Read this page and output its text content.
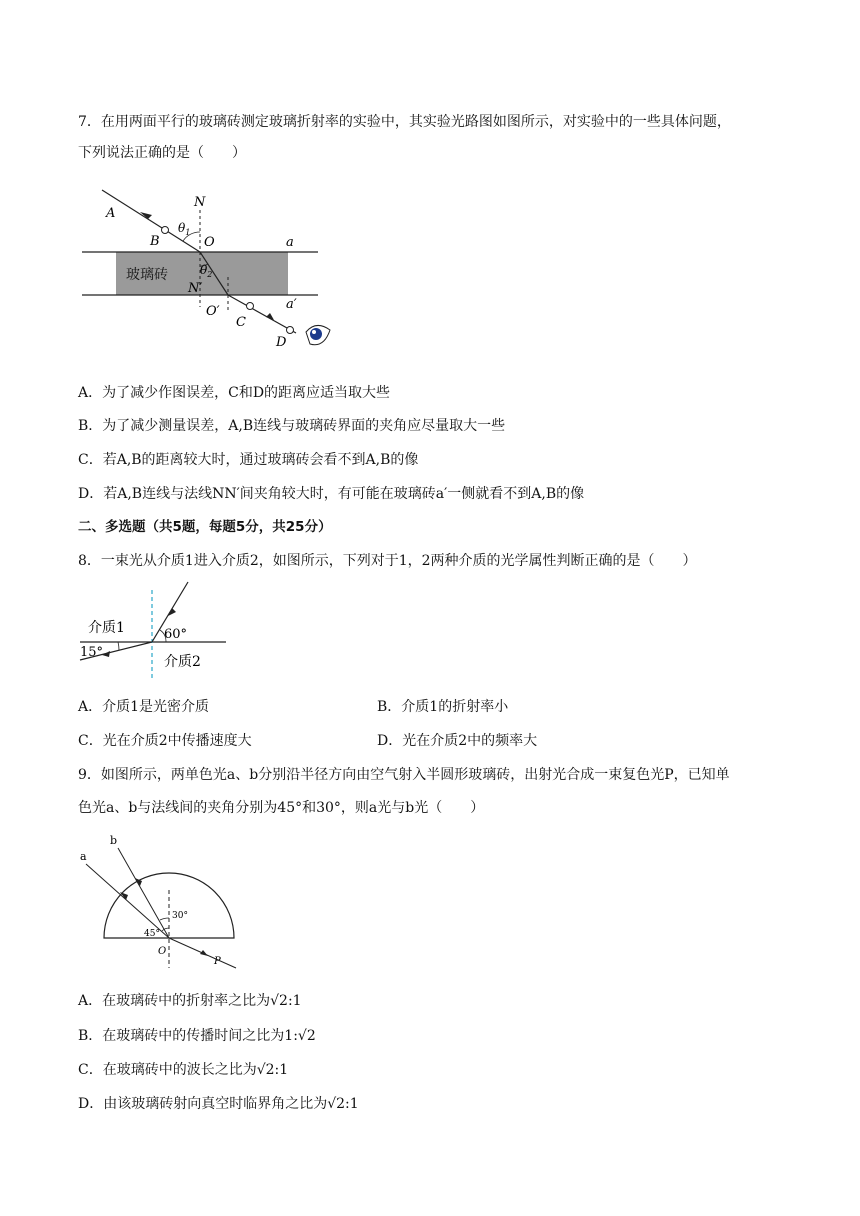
7．在用两面平行的玻璃砖测定玻璃折射率的实验中，其实验光路图如图所示，对实验中的一些具体问题，
下列说法正确的是（　　）
A
B
N
O	a
$\theta_1$
$\theta_2$
N′
O′
C
a′
D
玻璃砖
A．为了减少作图误差，C和D的距离应适当取大些
B．为了减少测量误差，A,B连线与玻璃砖界面的夹角应尽量取大一些
C．若A,B的距离较大时，通过玻璃砖会看不到A,B的像
D．若A,B连线与法线NN′间夹角较大时，有可能在玻璃砖a′一侧就看不到A,B的像
二、多选题（共5题，每题5分，共25分）
8．一束光从介质1进入介质2，如图所示，下列对于1，2两种介质的光学属性判断正确的是（　　）
介质1
介质2
60°
15°
A．介质1是光密介质	B．介质1的折射率小
C．光在介质2中传播速度大	D．光在介质2中的频率大
9．如图所示，两单色光a、b分别沿半径方向由空气射入半圆形玻璃砖，出射光合成一束复色光P，已知单
色光a、b与法线间的夹角分别为45°和30°，则a光与b光（　　）
a
b
30°
45°
O
P
A．在玻璃砖中的折射率之比为√2:1
B．在玻璃砖中的传播时间之比为1:√2
C．在玻璃砖中的波长之比为√2:1
D．由该玻璃砖射向真空时临界角之比为√2:1
